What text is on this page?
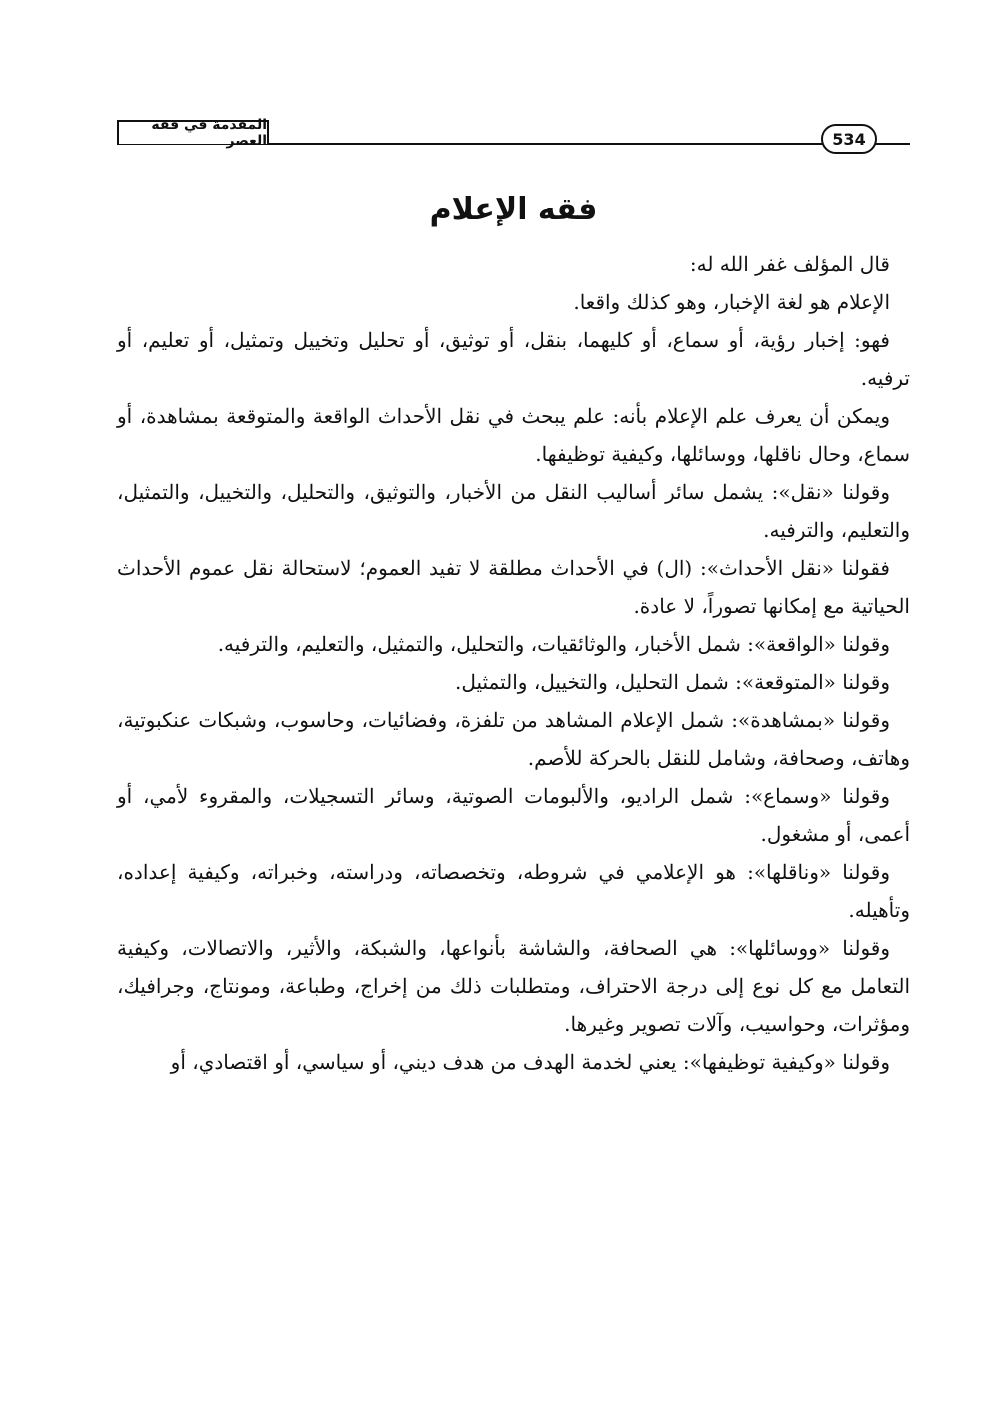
المقدمة في فقه العصر	534
فقه الإعلام

قال المؤلف غفر الله له:

الإعلام هو لغة الإخبار، وهو كذلك واقعا.

فهو: إخبار رؤية، أو سماع، أو كليهما، بنقل، أو توثيق، أو تحليل وتخييل وتمثيل، أو تعليم، أو ترفيه.

ويمكن أن يعرف علم الإعلام بأنه: علم يبحث في نقل الأحداث الواقعة والمتوقعة بمشاهدة، أو سماع، وحال ناقلها، ووسائلها، وكيفية توظيفها.

وقولنا «نقل»: يشمل سائر أساليب النقل من الأخبار، والتوثيق، والتحليل، والتخييل، والتمثيل، والتعليم، والترفيه.

فقولنا «نقل الأحداث»: (ال) في الأحداث مطلقة لا تفيد العموم؛ لاستحالة نقل عموم الأحداث الحياتية مع إمكانها تصوراً، لا عادة.

وقولنا «الواقعة»: شمل الأخبار، والوثائقيات، والتحليل، والتمثيل، والتعليم، والترفيه.

وقولنا «المتوقعة»: شمل التحليل، والتخييل، والتمثيل.

وقولنا «بمشاهدة»: شمل الإعلام المشاهد من تلفزة، وفضائيات، وحاسوب، وشبكات عنكبوتية، وهاتف، وصحافة، وشامل للنقل بالحركة للأصم.

وقولنا «وسماع»: شمل الراديو، والألبومات الصوتية، وسائر التسجيلات، والمقروء لأمي، أو أعمى، أو مشغول.

وقولنا «وناقلها»: هو الإعلامي في شروطه، وتخصصاته، ودراسته، وخبراته، وكيفية إعداده، وتأهيله.

وقولنا «ووسائلها»: هي الصحافة، والشاشة بأنواعها، والشبكة، والأثير، والاتصالات، وكيفية التعامل مع كل نوع إلى درجة الاحتراف، ومتطلبات ذلك من إخراج، وطباعة، ومونتاج، وجرافيك، ومؤثرات، وحواسيب، وآلات تصوير وغيرها.

وقولنا «وكيفية توظيفها»: يعني لخدمة الهدف من هدف ديني، أو سياسي، أو اقتصادي، أو
